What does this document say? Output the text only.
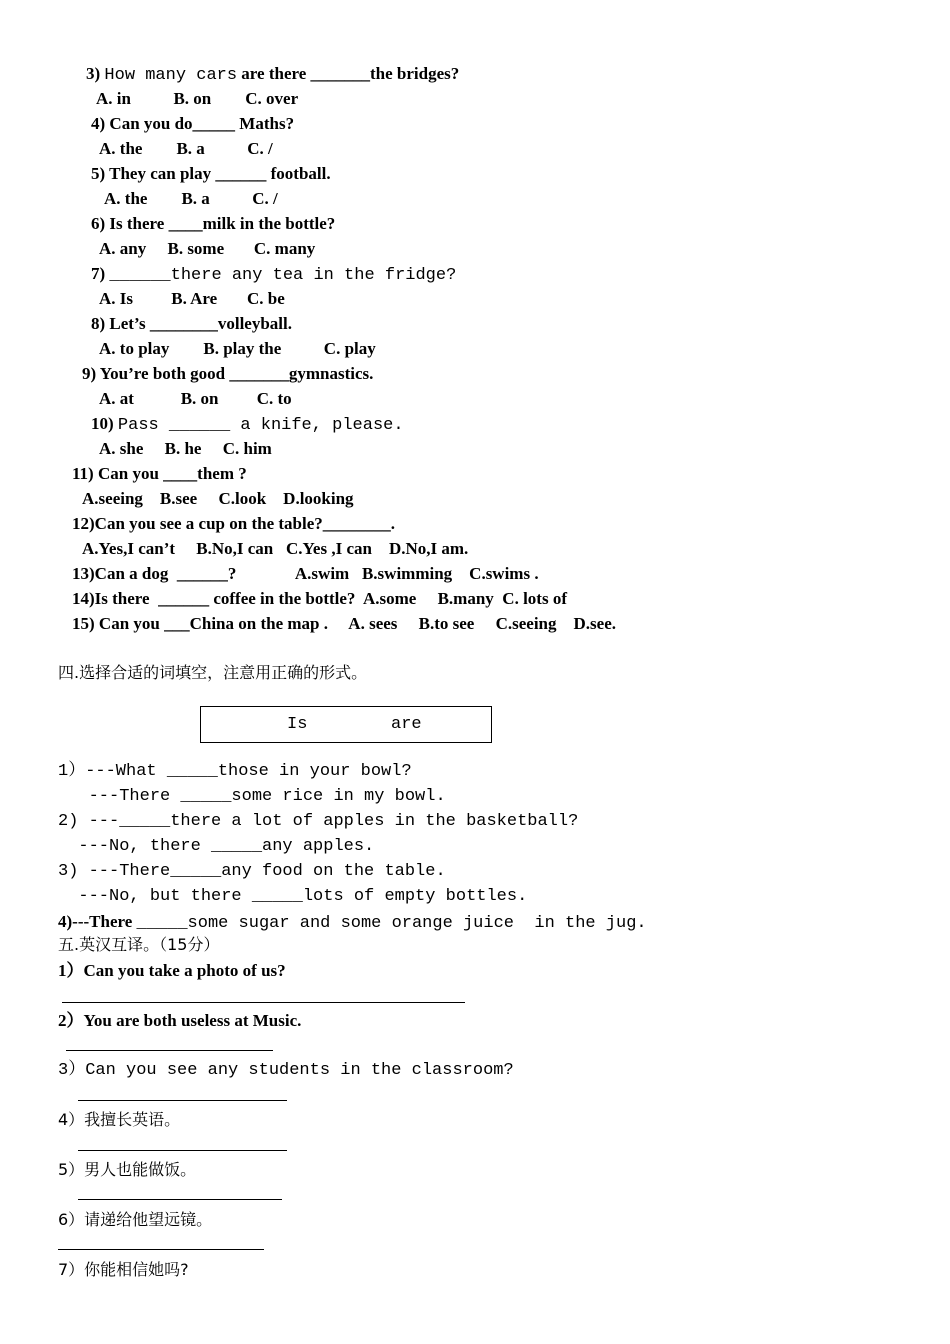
3) How many cars are there _______the bridges?
A. in          B. on        C. over
4) Can you do_____ Maths?
A. the        B. a          C. /
5) They can play ______ football.
A. the        B. a          C. /
6) Is there ____milk in the bottle?
A. any     B. some       C. many
7) ______there any tea in the fridge?
A. Is         B. Are       C. be
8) Let’s ________volleyball.
A. to play        B. play the          C. play
9) You’re both good _______gymnastics.
A. at           B. on         C. to
10) Pass ______ a knife, please.
A. she     B. he     C. him
11) Can you ____them ?
A.seeing    B.see     C.look    D.looking
12)Can you see a cup on the table?________.
A.Yes,I can’t     B.No,I can   C.Yes ,I can    D.No,I am.
13)Can a dog  ______?              A.swim   B.swimming    C.swims .
14)Is there  ______ coffee in the bottle?  A.some     B.many  C. lots of
15) Can you ___China on the map .     A. sees     B.to see     C.seeing    D.see.
四.选择合适的词填空，注意用正确的形式。
Is	are
1）---What _____those in your bowl?
---There _____some rice in my bowl.
2) ---_____there a lot of apples in the basketball?
---No, there _____any apples.
3) ---There_____any food on the table.
---No, but there _____lots of empty bottles.
4)---There _____some sugar and some orange juice  in the jug.
五.英汉互译。（15分）
1）Can you take a photo of us?
2）You are both useless at Music.
3）Can you see any students in the classroom?
4）我擅长英语。
5）男人也能做饭。
6）请递给他望远镜。
7）你能相信她吗?
